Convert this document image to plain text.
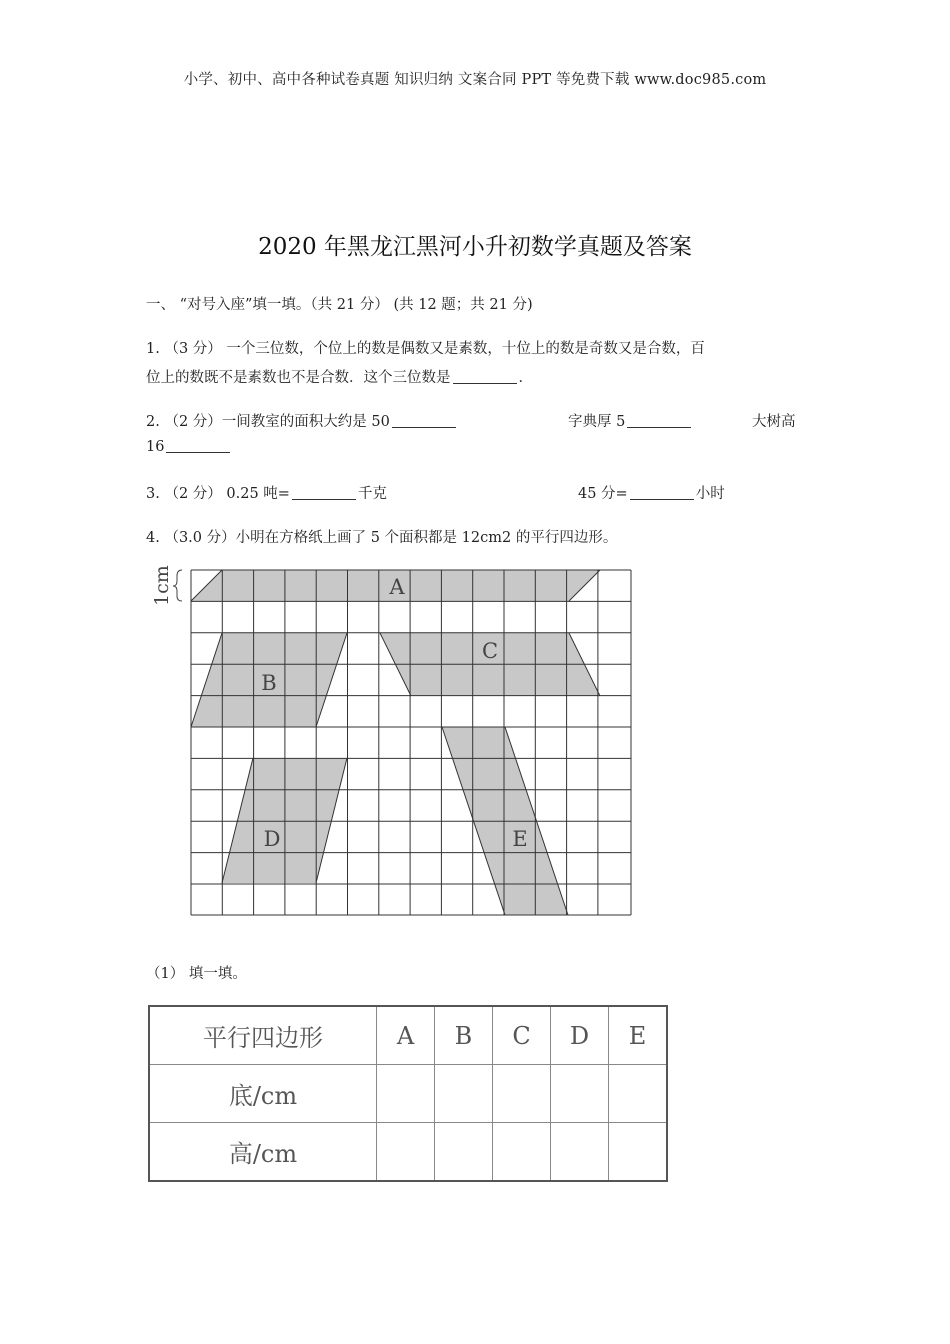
小学、初中、高中各种试卷真题 知识归纳 文案合同 PPT 等免费下载 www.doc985.com
2020 年黑龙江黑河小升初数学真题及答案
一、 “对号入座”填一填。（共 21 分） (共 12 题；共 21 分)
1. （3 分） 一个三位数，个位上的数是偶数又是素数，十位上的数是奇数又是合数，百
位上的数既不是素数也不是合数．这个三位数是	．
2. （2 分）一间教室的面积大约是 50	字典厚 5	大树高
16
3. （2 分） 0.25 吨=	千克	45 分=	小时
4. （3.0 分）小明在方格纸上画了 5 个面积都是 12cm2 的平行四边形。
A
B
C
D	E
1cm
（1） 填一填。
平行四边形	A	B	C	D	E
底/cm					
高/cm					
